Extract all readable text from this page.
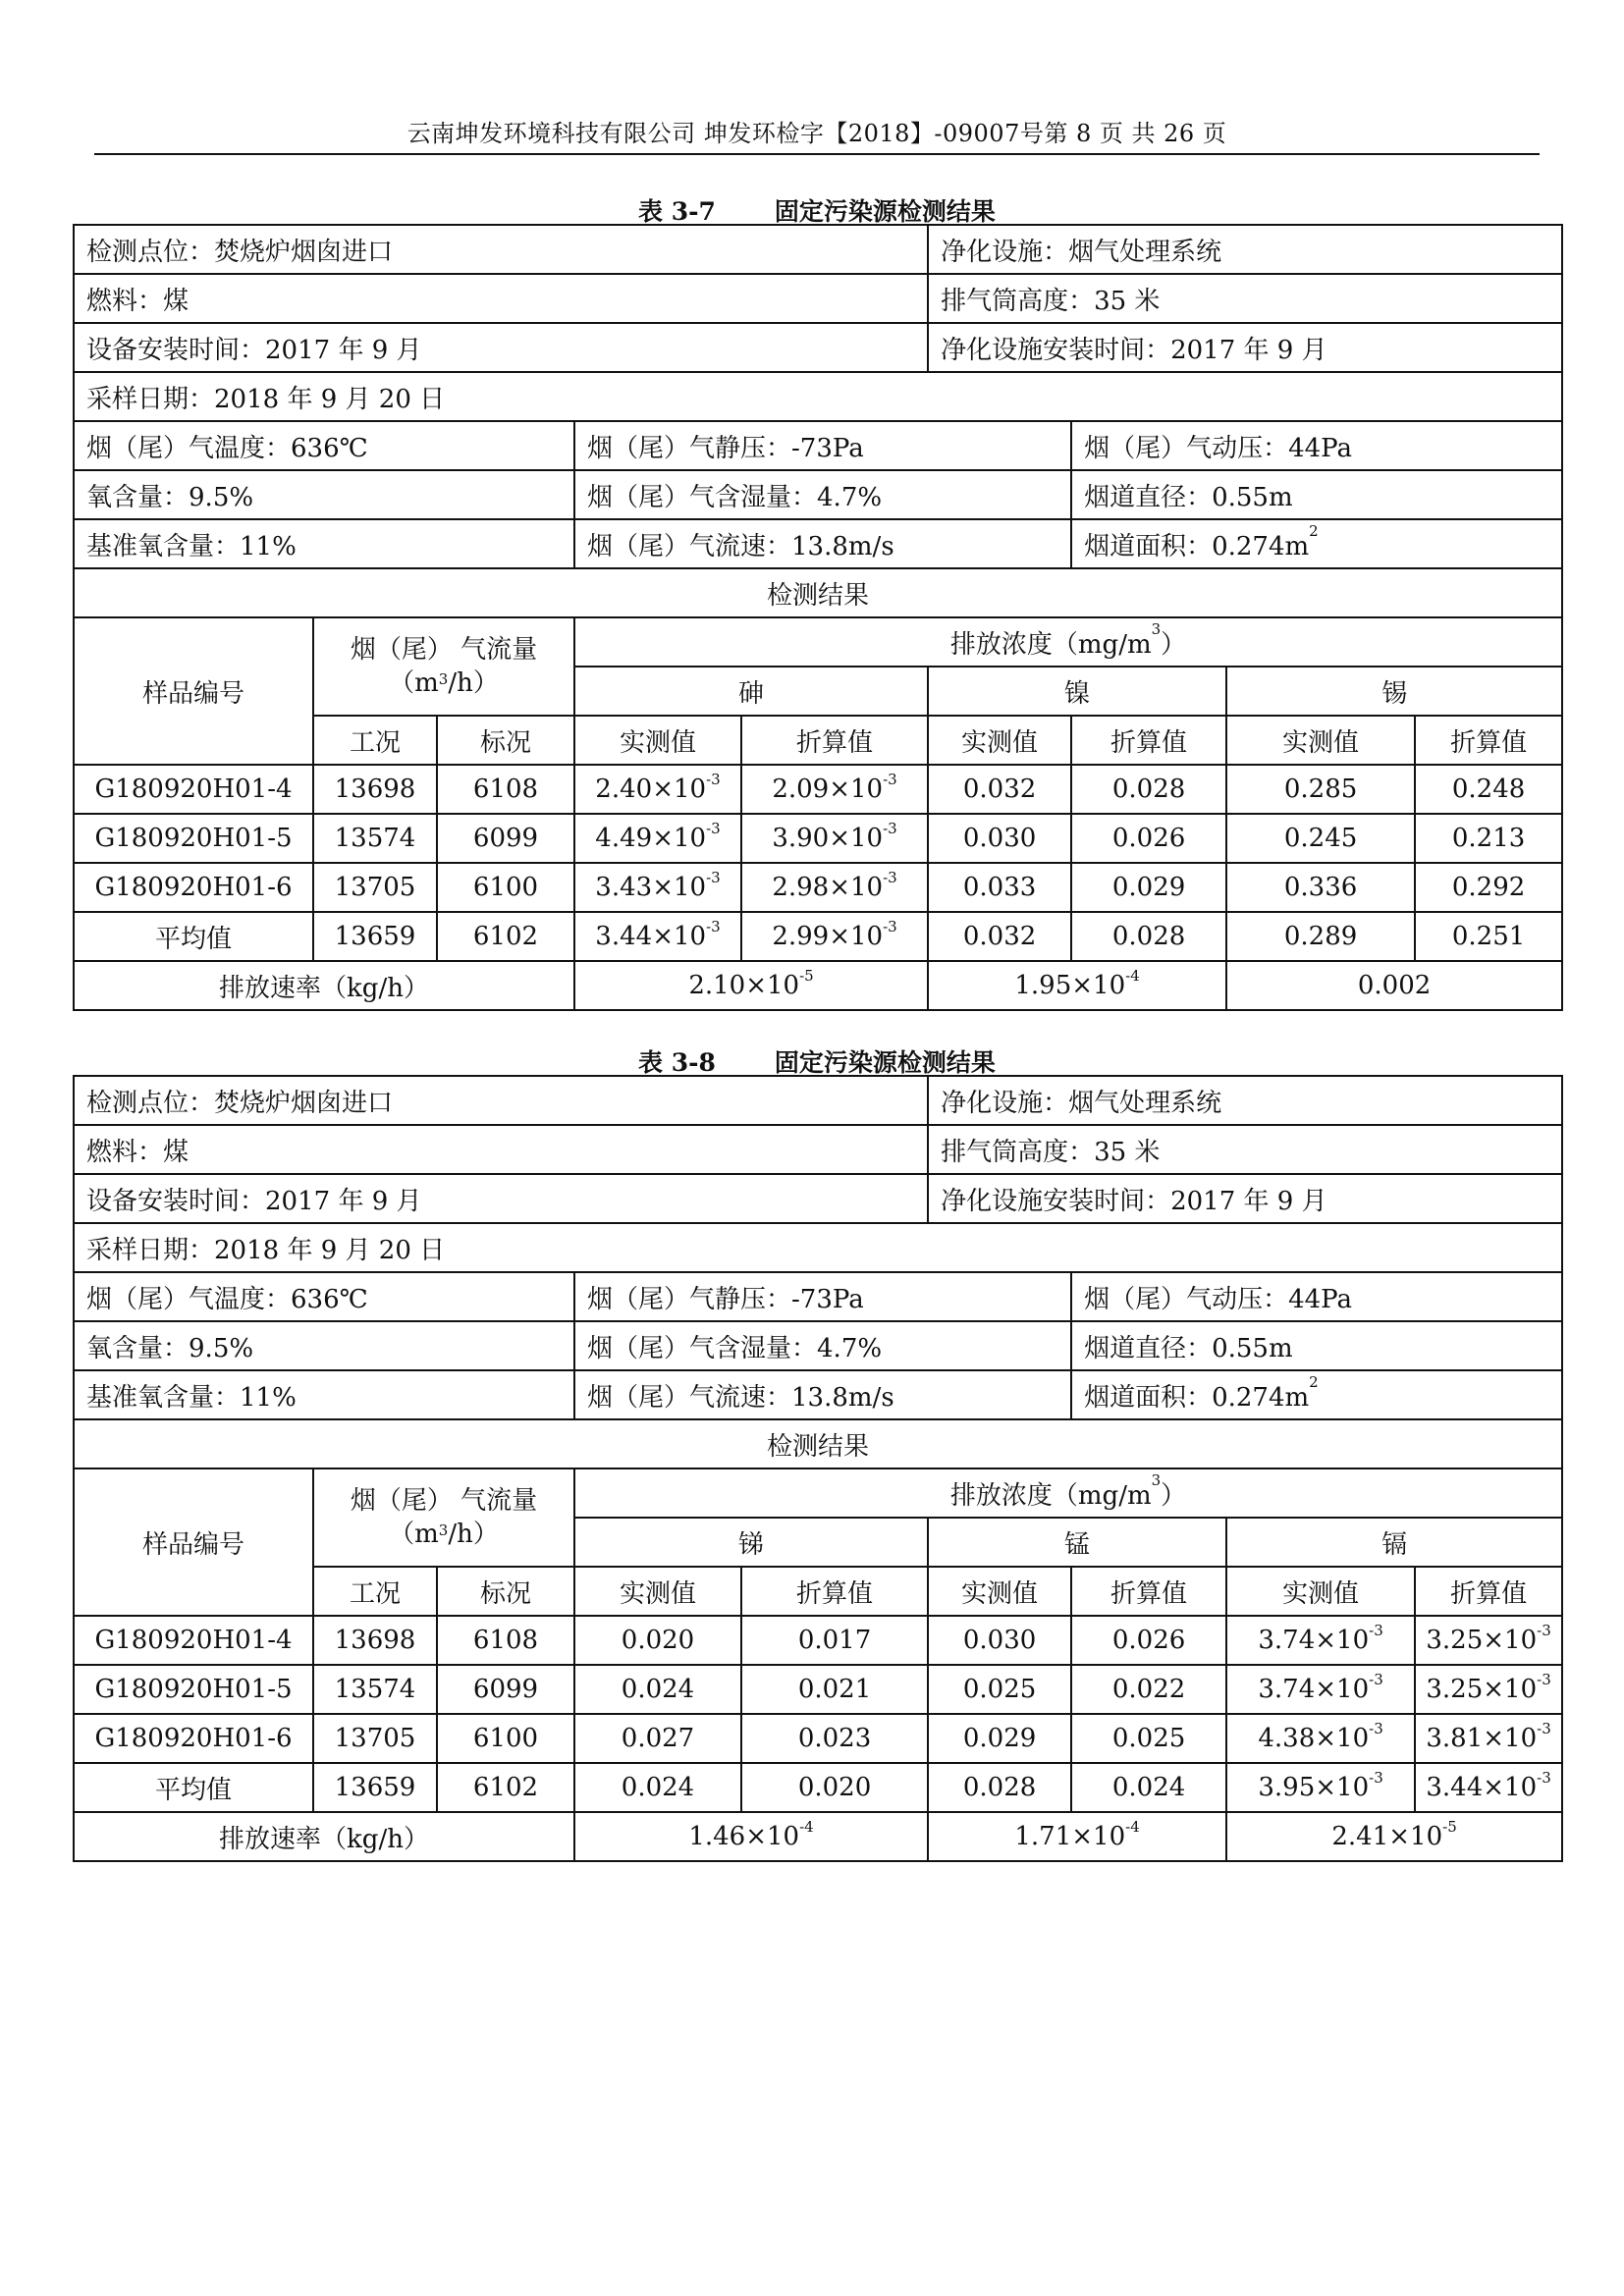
云南坤发环境科技有限公司 坤发环检字【2018】-09007号第 8 页 共 26 页
表 3-7 固定污染源检测结果
检测点位：焚烧炉烟囱进口					净化设施：烟气处理系统			
燃料：煤					排气筒高度：35 米			
设备安装时间：2017 年 9 月					净化设施安装时间：2017 年 9 月			
采样日期：2018 年 9 月 20 日								
烟（尾）气温度：636℃			烟（尾）气静压：-73Pa			烟（尾）气动压：44Pa		
氧含量：9.5%			烟（尾）气含湿量：4.7%			烟道直径：0.55m		
基准氧含量：11%			烟（尾）气流速：13.8m/s			烟道面积：$0.274m^2$
检测结果								
样品编号	烟（尾） 气流量
$(m^3/h)$		排放浓度$(mg/m^3)$					
			砷		镍		锡	
	工况	标况	实测值	折算值	实测值	折算值	实测值	折算值
G180920H01-4	13698	6108	$2.40\times 10^{-3}$	$2.09\times 10^{-3}$	0.032	0.028	0.285	0.248
G180920H01-5	13574	6099	$4.49\times 10^{-3}$	$3.90\times 10^{-3}$	0.030	0.026	0.245	0.213
G180920H01-6	13705	6100	$3.43\times 10^{-3}$	$2.98\times 10^{-3}$	0.033	0.029	0.336	0.292
平均值	13659	6102	$3.44\times 10^{-3}$	$2.99\times 10^{-3}$	0.032	0.028	0.289	0.251
排放速率（kg/h）			$2.10\times 10^{-5}$		$1.95\times 10^{-4}$		0.002	
表 3-8 固定污染源检测结果
检测点位：焚烧炉烟囱进口					净化设施：烟气处理系统			
燃料：煤					排气筒高度：35 米			
设备安装时间：2017 年 9 月					净化设施安装时间：2017 年 9 月			
采样日期：2018 年 9 月 20 日								
烟（尾）气温度：636℃			烟（尾）气静压：-73Pa			烟（尾）气动压：44Pa		
氧含量：9.5%			烟（尾）气含湿量：4.7%			烟道直径：0.55m		
基准氧含量：11%			烟（尾）气流速：13.8m/s			烟道面积：$0.274m^2$
检测结果								
样品编号	烟（尾） 气流量
$(m^3/h)$		排放浓度$(mg/m^3)$					
			锑		锰		镉	
	工况	标况	实测值	折算值	实测值	折算值	实测值	折算值
G180920H01-4	13698	6108	0.020	0.017	0.030	0.026	$3.74\times 10^{-3}$	$3.25\times 10^{-3}$
G180920H01-5	13574	6099	0.024	0.021	0.025	0.022	$3.74\times 10^{-3}$	$3.25\times 10^{-3}$
G180920H01-6	13705	6100	0.027	0.023	0.029	0.025	$4.38\times 10^{-3}$	$3.81\times 10^{-3}$
平均值	13659	6102	0.024	0.020	0.028	0.024	$3.95\times 10^{-3}$	$3.44\times 10^{-3}$
排放速率（kg/h）			$1.46\times 10^{-4}$		$1.71\times 10^{-4}$		$2.41\times 10^{-5}$
